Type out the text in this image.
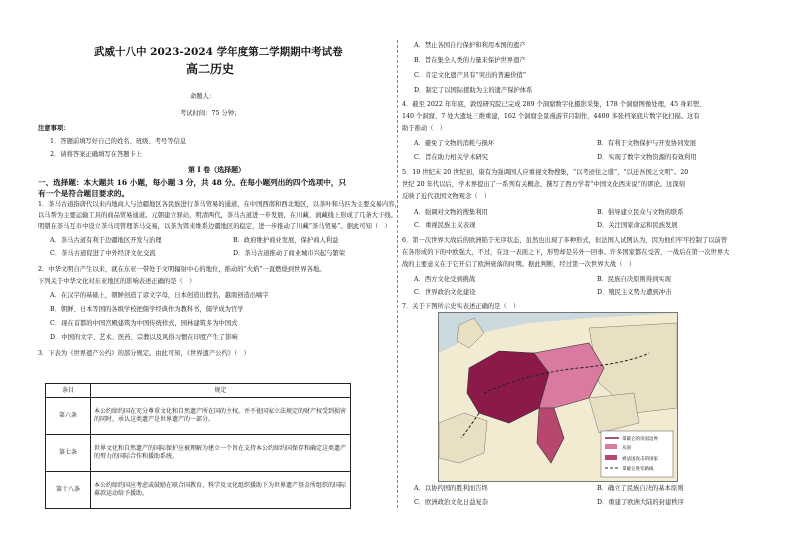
武威十八中 2023-2024 学年度第二学期期中考试卷
高二历史
命题人：
考试时间：75 分钟；
注意事项：
1．答题前填写好自己的姓名、班级、考号等信息
2．请将答案正确填写在答题卡上
第 I 卷（选择题）
一、选择题：本大题共 16 小题，每小题 3 分，共 48 分。在每小题列出的四个选项中，只
有一个是符合题目要求的。
1．茶马古道指唐代以来内地商人与边疆地区各民族进行茶马贸易的通道，在中国西南和西北地区，以茶叶和马匹为主要交易内容，
以马帮为主要运输工具的商品贸易通道。元朝建立驿站，明清两代，茶马古道进一步发展，在川藏、滇藏线上形成了几条大干线。
明朝在茶马互市中设立茶马司管理茶马交易，以茶为饵来维系边疆地区的稳定，进一步推动了川藏“茶马贸易”。据此可知（　）
A．茶马古道有利于边疆地区开发与治理	B．政府维护商业发展，保护商人利益
C．茶马古道促进了中外经济文化交流	D．茶马古道推动了商业城市兴起与繁荣
2．中华文明自产生以来，就在东亚一带处于文明辐射中心的地位，推动的“火焰”一直燃烧到世界各地。
下列关于中华文化对东亚地区的影响表述正确的是（　）
A．在汉字的基础上，朝鲜创造了谚文字母，日本创造出假名，越南创造出喃字
B．朝鲜、日本等国的各级学校把儒学经典作为教科书，儒学成为官学
C．现在首都的中国宫殿建筑为中国传统样式，园林建筑多为中国式
D．中国的文字、艺术、医药、宗教以及风俗习惯在印度产生了影响
3．下表为《世界遗产公约》的部分规定。由此可知，《世界遗产公约》（　）
条目	规定
第六条	本公约缔约国在充分尊重文化和自然遗产所在国的主权，并不使国家立法规定的财产权受到损害的同时，承认这类遗产是世界遗产的一部分。
第七条	世界文化和自然遗产的国际保护应被理解为建立一个旨在支持本公约缔约国保存和确定这类遗产的努力的国际合作和援助系统。
第十八条	本公约缔约国应考虑或鼓励在联合国教育、科学及文化组织援助下为世界遗产基金所组织的国际募款运动给予援助。
A．禁止各国自行保护和利用本国的遗产
B．旨在集全人类的力量来保护世界遗产
C．肯定文化遗产具有“突出的普遍价值”
D．制定了以国际援助为主的遗产保护体系
4．截至 2022 年年底，敦煌研究院已完成 289 个洞窟数字化摄影采集，178 个洞窟图像处理，45 身彩塑、
140 个洞窟、7 处大遗址三维重建，162 个洞窟全景漫游节目制作，4400 多张档案底片数字化扫描。这有
助于推动（　）
A．避免了文物的消耗与损坏	B．有利于文物保护与开发协同发展
C．旨在助力相关学术研究	D．实现了数字文物资源的有效利用
5．19 世纪末 20 世纪初，康有为强调国人应重视文物搜集，“以考迹往之盛”，“以迁吾国之文明”。20
世纪 20 年代以后，学术界提出了一系列有关概念，撰写了西方学者“中国文化西来说”的谬论。这深刻
反映了近代我国文物观念（　）
A．强调对文物的搜集利用	B．倡导建立民众与文物的联系
C．重视民族主义表现	D．关注国家命运和民族发展
6．第一次世界大战后的欧洲陷于无序状态，虽然也出现了多种形式，但法国人试图认为，因为他们牢牢控制了以前曾
在各形成的下的中欧强大，不过，在这一表面之下，形势却是另外一回事。许多国家都在受苦，一战后在第一次世界大
战的主要意义在于它开启了欧洲衰落的时期。据此判断，经过第一次世界大战（　）
A．西方文化受到挑战	B．民族自决原则得到实现
C．世界政治文化建设	D．殖民主义势力遭到冲击
7．关于下图所示史实表述正确的是（　）
A．以协约国的胜利而告终	B．确立了民族自决的基本原则
C．欧洲政治文化日益复杂	D．重建了欧洲大陆的封建秩序
拿破仑的帝国边界
从国
被法国攻击的国家
拿破仑进军路线
